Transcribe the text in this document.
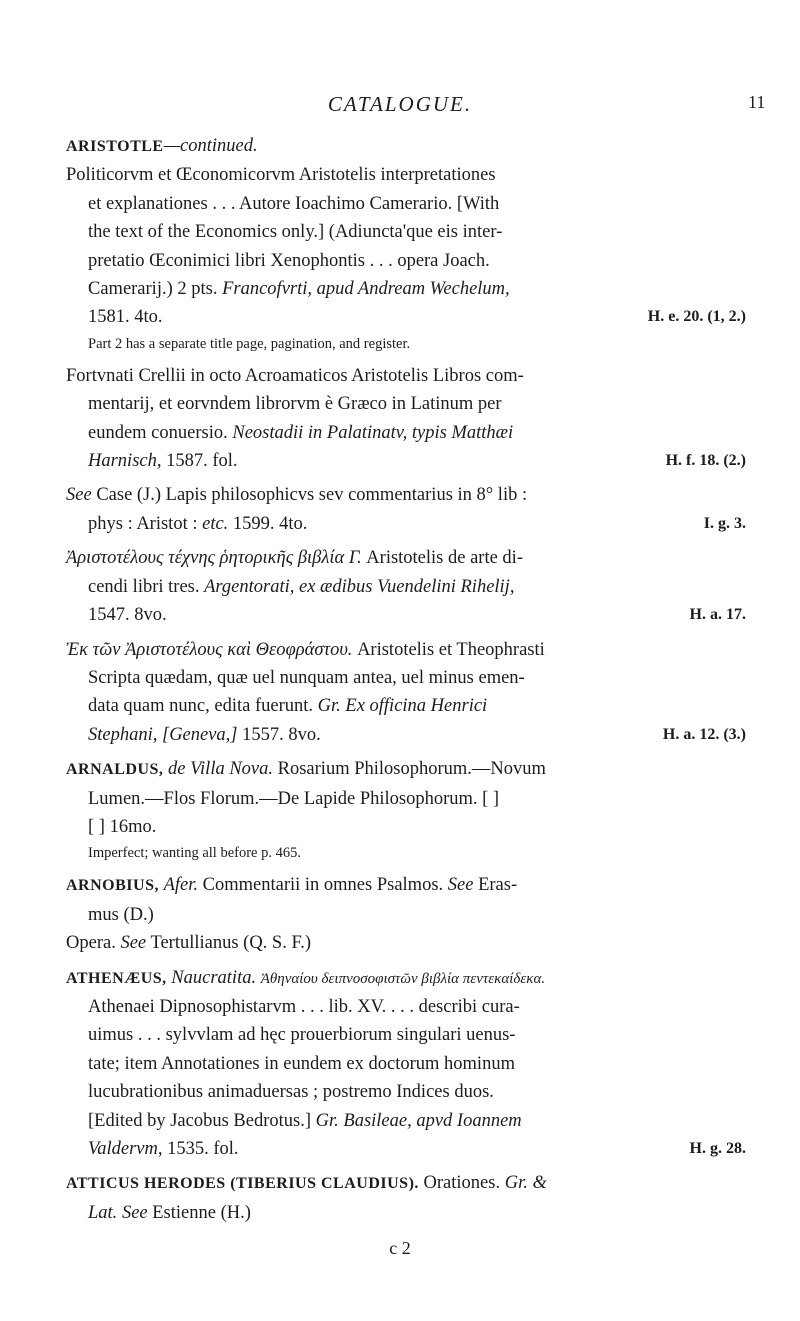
CATALOGUE.	11

ARISTOTLE—continued.

Politicorvm et Œconomicorvm Aristotelis interpretationes

et explanationes . . . Autore Ioachimo Camerario. [With

the text of the Economics only.] (Adiuncta'que eis inter-

pretatio Œconimici libri Xenophontis . . . opera Joach.

Camerarij.) 2 pts. Francofvrti, apud Andream Wechelum,

1581. 4to.	H. e. 20. (1, 2.)

Part 2 has a separate title page, pagination, and register.

Fortvnati Crellii in octo Acroamaticos Aristotelis Libros com-

mentarij, et eorvndem librorvm è Græco in Latinum per

eundem conuersio. Neostadii in Palatinatv, typis Matthæi

Harnisch, 1587. fol.	H. f. 18. (2.)

See Case (J.) Lapis philosophicvs sev commentarius in 8° lib :

phys : Aristot : etc. 1599. 4to.	I. g. 3.

Ἀριστοτέλους τέχνης ῥητορικῆς βιβλία Γ. Aristotelis de arte di-

cendi libri tres. Argentorati, ex ædibus Vuendelini Rihelij,

1547. 8vo.	H. a. 17.

Ἐκ τῶν Ἀριστοτέλους καὶ Θεοφράστου. Aristotelis et Theophrasti

Scripta quædam, quæ uel nunquam antea, uel minus emen-

data quam nunc, edita fuerunt. Gr. Ex officina Henrici

Stephani, [Geneva,] 1557. 8vo.	H. a. 12. (3.)

ARNALDUS, de Villa Nova. Rosarium Philosophorum.—Novum

Lumen.—Flos Florum.—De Lapide Philosophorum. [ ]

[ ] 16mo.

Imperfect; wanting all before p. 465.

ARNOBIUS, Afer. Commentarii in omnes Psalmos. See Eras-

mus (D.)

Opera. See Tertullianus (Q. S. F.)

ATHENÆUS, Naucratita. Ἀθηναίου δειπνοσοφιστῶν βιβλία πεντεκαίδεκα.

Athenaei Dipnosophistarvm . . . lib. XV. . . . describi cura-

uimus . . . sylvvlam ad hęc prouerbiorum singulari uenus-

tate; item Annotationes in eundem ex doctorum hominum

lucubrationibus animaduersas ; postremo Indices duos.

[Edited by Jacobus Bedrotus.] Gr. Basileae, apvd Ioannem

Valdervm, 1535. fol.	H. g. 28.

ATTICUS HERODES (TIBERIUS CLAUDIUS). Orationes. Gr. &

Lat. See Estienne (H.)

c 2
